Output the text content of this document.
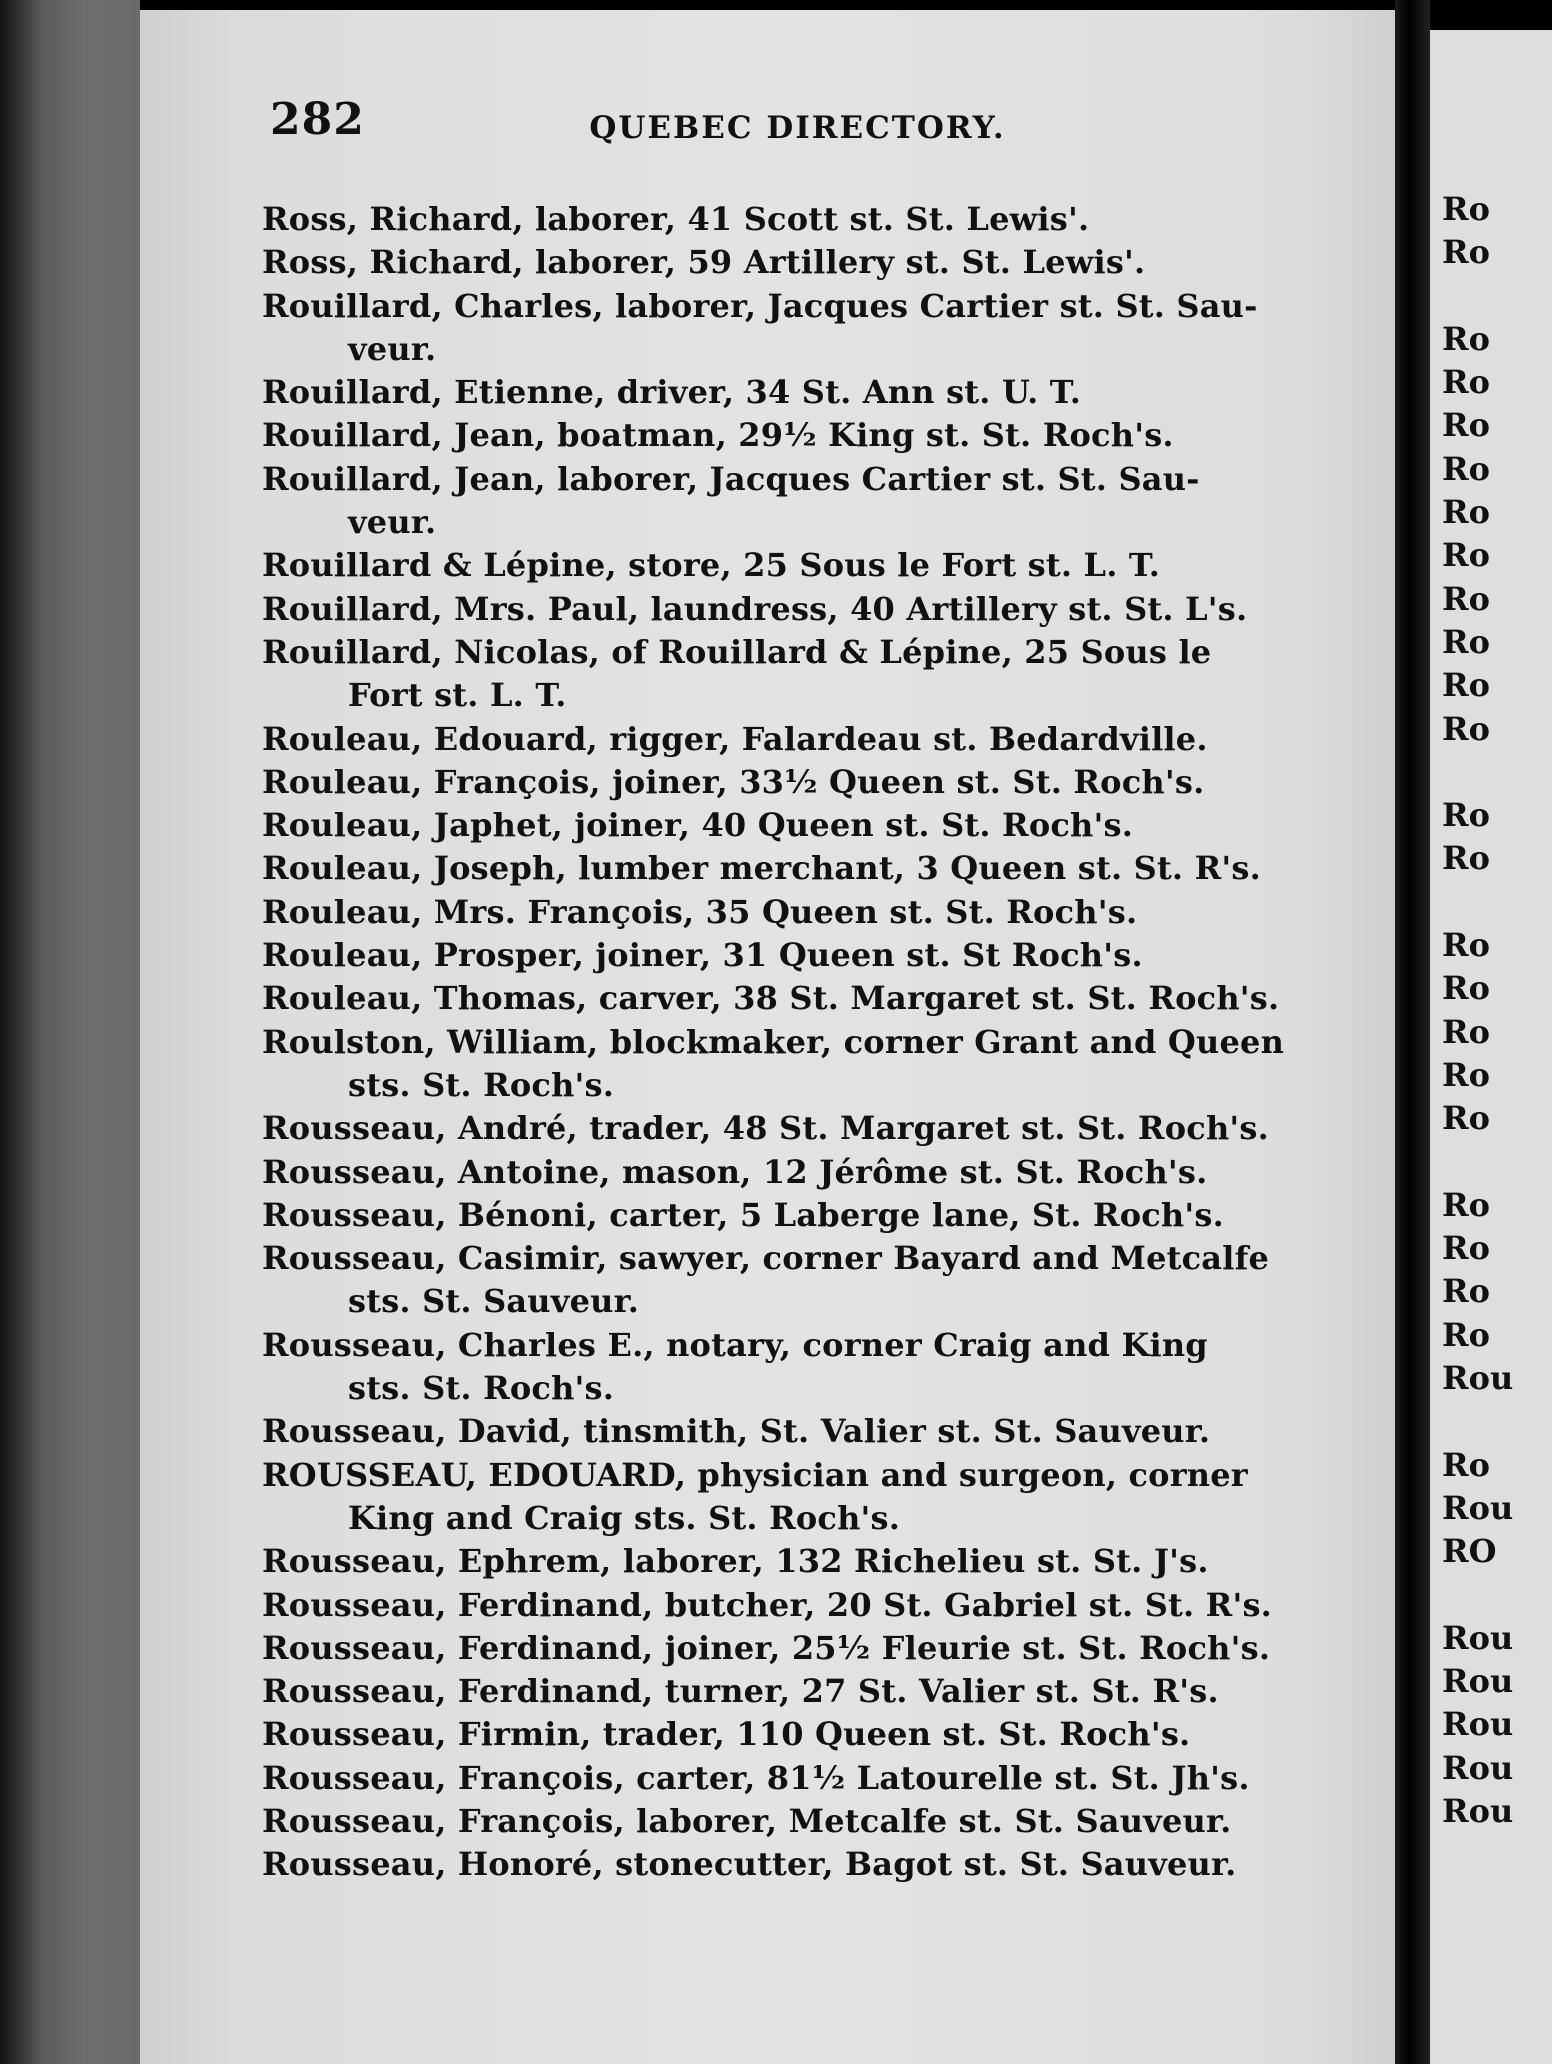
282	QUEBEC DIRECTORY.

Ross, Richard, laborer, 41 Scott st. St. Lewis'.

Ross, Richard, laborer, 59 Artillery st. St. Lewis'.

Rouillard, Charles, laborer, Jacques Cartier st. St. Sau-
veur.

Rouillard, Etienne, driver, 34 St. Ann st. U. T.

Rouillard, Jean, boatman, 29½ King st. St. Roch's.

Rouillard, Jean, laborer, Jacques Cartier st. St. Sau-
veur.

Rouillard & Lépine, store, 25 Sous le Fort st. L. T.

Rouillard, Mrs. Paul, laundress, 40 Artillery st. St. L's.

Rouillard, Nicolas, of Rouillard & Lépine, 25 Sous le
Fort st. L. T.

Rouleau, Edouard, rigger, Falardeau st. Bedardville.

Rouleau, François, joiner, 33½ Queen st. St. Roch's.

Rouleau, Japhet, joiner, 40 Queen st. St. Roch's.

Rouleau, Joseph, lumber merchant, 3 Queen st. St. R's.

Rouleau, Mrs. François, 35 Queen st. St. Roch's.

Rouleau, Prosper, joiner, 31 Queen st. St Roch's.

Rouleau, Thomas, carver, 38 St. Margaret st. St. Roch's.

Roulston, William, blockmaker, corner Grant and Queen
sts. St. Roch's.

Rousseau, André, trader, 48 St. Margaret st. St. Roch's.

Rousseau, Antoine, mason, 12 Jérôme st. St. Roch's.

Rousseau, Bénoni, carter, 5 Laberge lane, St. Roch's.

Rousseau, Casimir, sawyer, corner Bayard and Metcalfe
sts. St. Sauveur.

Rousseau, Charles E., notary, corner Craig and King
sts. St. Roch's.

Rousseau, David, tinsmith, St. Valier st. St. Sauveur.

ROUSSEAU, EDOUARD, physician and surgeon, corner
King and Craig sts. St. Roch's.

Rousseau, Ephrem, laborer, 132 Richelieu st. St. J's.

Rousseau, Ferdinand, butcher, 20 St. Gabriel st. St. R's.

Rousseau, Ferdinand, joiner, 25½ Fleurie st. St. Roch's.

Rousseau, Ferdinand, turner, 27 St. Valier st. St. R's.

Rousseau, Firmin, trader, 110 Queen st. St. Roch's.

Rousseau, François, carter, 81½ Latourelle st. St. Jh's.

Rousseau, François, laborer, Metcalfe st. St. Sauveur.

Rousseau, Honoré, stonecutter, Bagot st. St. Sauveur.

Ro
Ro
Ro
Ro
Ro
Ro
Ro
Ro
Ro
Ro
Ro
Ro
Ro
Ro
Ro
Ro
Ro
Ro
Ro
Ro
Ro
Ro
Ro
Rou
Ro
Rou
RO
Rou
Rou
Rou
Rou
Rou
